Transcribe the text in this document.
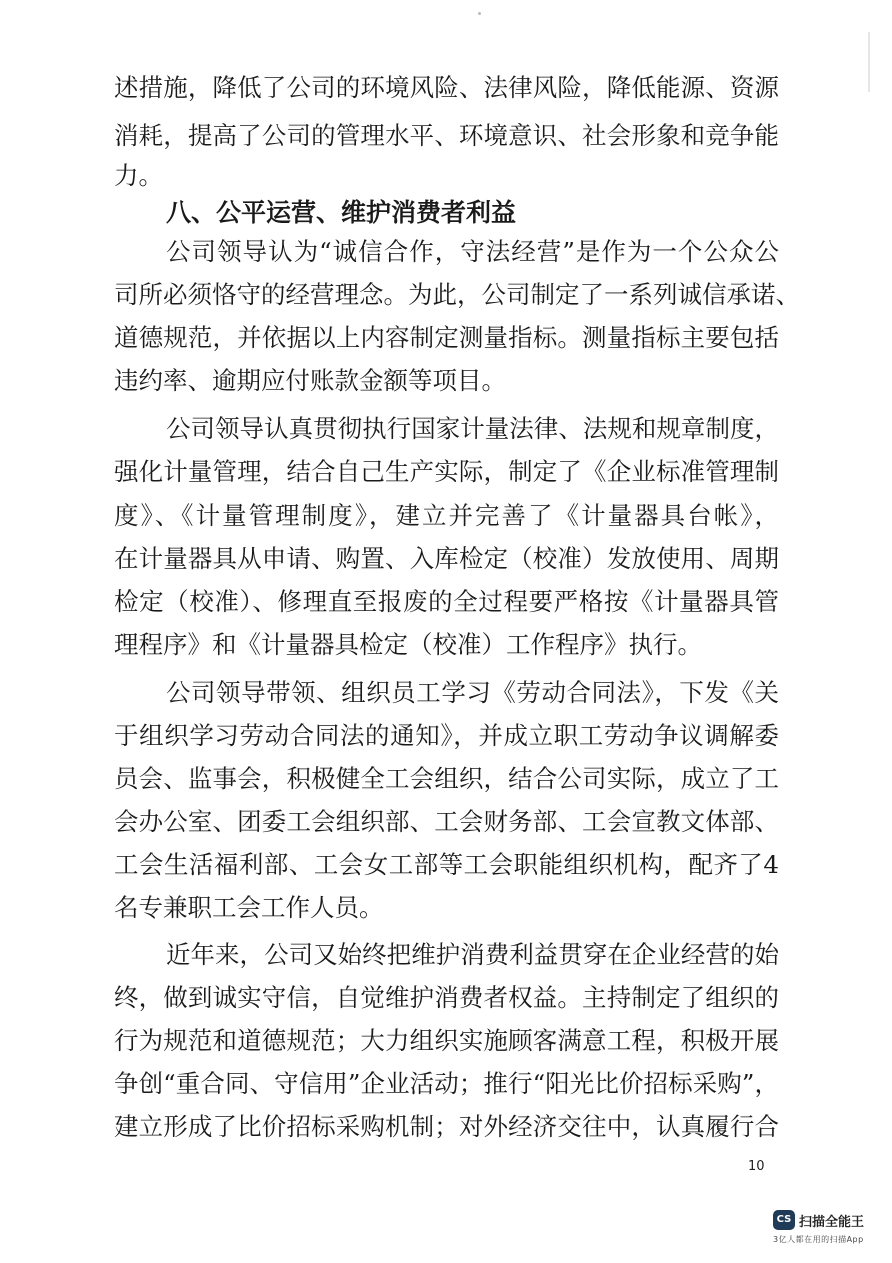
述措施，降低了公司的环境风险、法律风险，降低能源、资源
消耗，提高了公司的管理水平、环境意识、社会形象和竞争能
力。
八、公平运营、维护消费者利益
公司领导认为“诚信合作，守法经营”是作为一个公众公
司所必须恪守的经营理念。为此，公司制定了一系列诚信承诺、
道德规范，并依据以上内容制定测量指标。测量指标主要包括
违约率、逾期应付账款金额等项目。
公司领导认真贯彻执行国家计量法律、法规和规章制度，
强化计量管理，结合自己生产实际，制定了《企业标准管理制
度》、《计量管理制度》，建立并完善了《计量器具台帐》，
在计量器具从申请、购置、入库检定（校准）发放使用、周期
检定（校准）、修理直至报废的全过程要严格按《计量器具管
理程序》和《计量器具检定（校准）工作程序》执行。
公司领导带领、组织员工学习《劳动合同法》，下发《关
于组织学习劳动合同法的通知》，并成立职工劳动争议调解委
员会、监事会，积极健全工会组织，结合公司实际，成立了工
会办公室、团委工会组织部、工会财务部、工会宣教文体部、
工会生活福利部、工会女工部等工会职能组织机构，配齐了4
名专兼职工会工作人员。
近年来，公司又始终把维护消费利益贯穿在企业经营的始
终，做到诚实守信，自觉维护消费者权益。主持制定了组织的
行为规范和道德规范；大力组织实施顾客满意工程，积极开展
争创“重合同、守信用”企业活动；推行“阳光比价招标采购”，
建立形成了比价招标采购机制；对外经济交往中，认真履行合
10
CS 扫描全能王
3亿人都在用的扫描App
